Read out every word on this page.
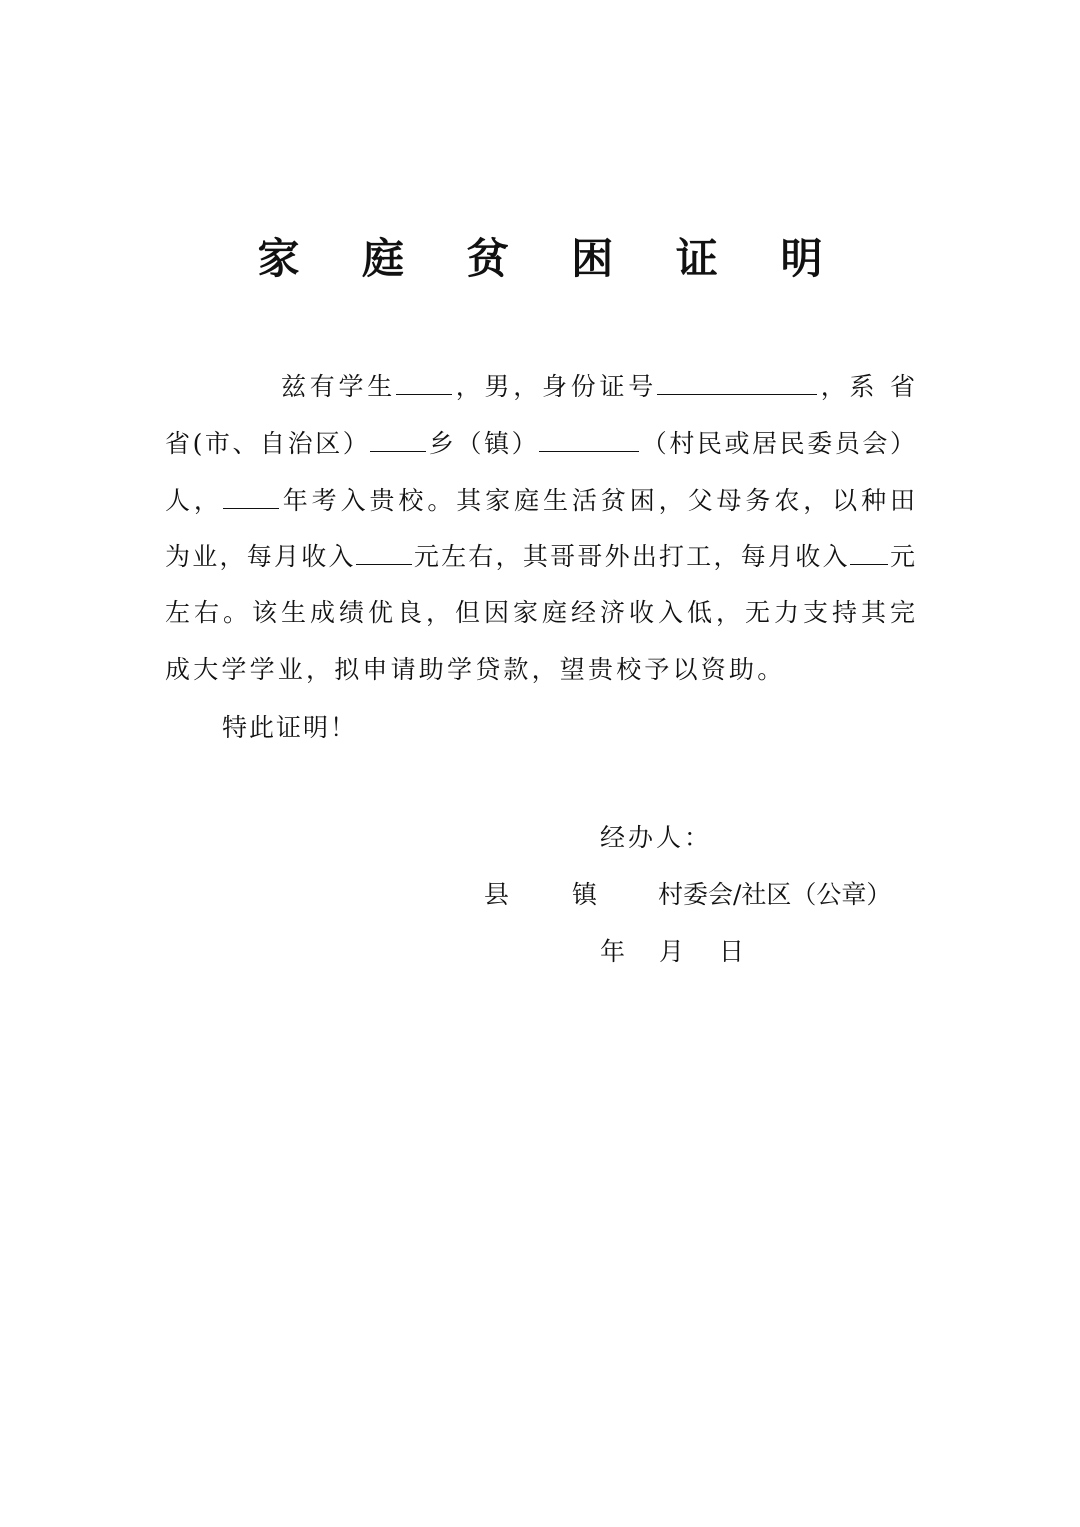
家 庭 贫 困 证 明
兹有学生 ，男，身份证号	，系 省
省(市、自治区） 乡（镇）	（村民或居民委员会）
人， 年考入贵校。其家庭生活贫困，父母务农，以种田
为业，每月收入 元左右，其哥哥外出打工，每月收入 元
左右。该生成绩优良，但因家庭经济收入低，无力支持其完
成大学学业，拟申请助学贷款，望贵校予以资助。
特此证明！
经办人：
县	镇 村委会/社区（公章）
年 月 日
